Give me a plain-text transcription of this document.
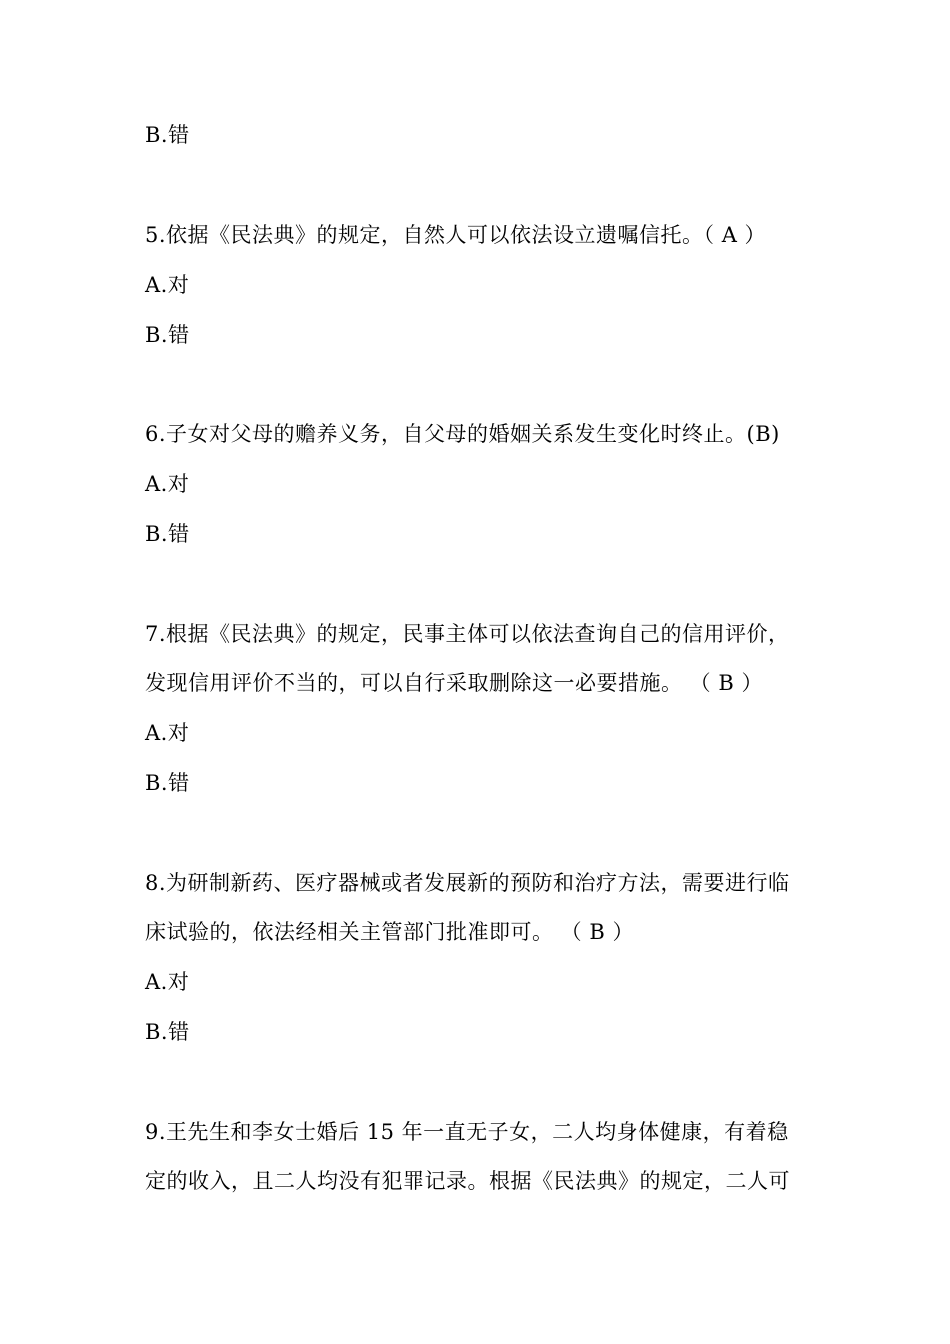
B.错
5.依据《民法典》的规定，自然人可以依法设立遗嘱信托。（ A ）
A.对
B.错
6.子女对父母的赡养义务，自父母的婚姻关系发生变化时终止。(B)
A.对
B.错
7.根据《民法典》的规定，民事主体可以依法查询自己的信用评价，
发现信用评价不当的，可以自行采取删除这一必要措施。 （ B ）
A.对
B.错
8.为研制新药、医疗器械或者发展新的预防和治疗方法，需要进行临
床试验的，依法经相关主管部门批准即可。 （ B ）
A.对
B.错
9.王先生和李女士婚后 15 年一直无子女，二人均身体健康，有着稳
定的收入，且二人均没有犯罪记录。根据《民法典》的规定，二人可
